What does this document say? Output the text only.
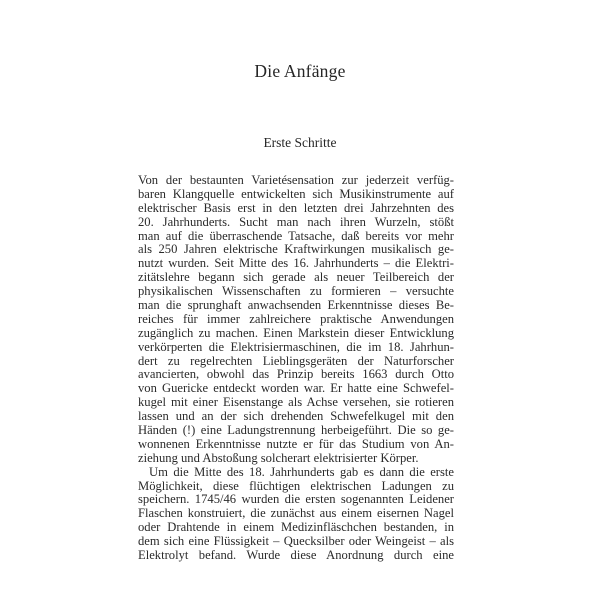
Die Anfänge
Erste Schritte
Von der bestaunten Varietésensation zur jederzeit verfüg-
baren Klangquelle entwickelten sich Musikinstrumente auf
elektrischer Basis erst in den letzten drei Jahrzehnten des
20. Jahrhunderts. Sucht man nach ihren Wurzeln, stößt
man auf die überraschende Tatsache, daß bereits vor mehr
als 250 Jahren elektrische Kraftwirkungen musikalisch ge-
nutzt wurden. Seit Mitte des 16. Jahrhunderts – die Elektri-
zitätslehre begann sich gerade als neuer Teilbereich der
physikalischen Wissenschaften zu formieren – versuchte
man die sprunghaft anwachsenden Erkenntnisse dieses Be-
reiches für immer zahlreichere praktische Anwendungen
zugänglich zu machen. Einen Markstein dieser Entwicklung
verkörperten die Elektrisiermaschinen, die im 18. Jahrhun-
dert zu regelrechten Lieblingsgeräten der Naturforscher
avancierten, obwohl das Prinzip bereits 1663 durch Otto
von Guericke entdeckt worden war. Er hatte eine Schwefel-
kugel mit einer Eisenstange als Achse versehen, sie rotieren
lassen und an der sich drehenden Schwefelkugel mit den
Händen (!) eine Ladungstrennung herbeigeführt. Die so ge-
wonnenen Erkenntnisse nutzte er für das Studium von An-
ziehung und Abstoßung solcherart elektrisierter Körper.
Um die Mitte des 18. Jahrhunderts gab es dann die erste
Möglichkeit, diese flüchtigen elektrischen Ladungen zu
speichern. 1745/46 wurden die ersten sogenannten Leidener
Flaschen konstruiert, die zunächst aus einem eisernen Nagel
oder Drahtende in einem Medizinfläschchen bestanden, in
dem sich eine Flüssigkeit – Quecksilber oder Weingeist – als
Elektrolyt befand. Wurde diese Anordnung durch eine
